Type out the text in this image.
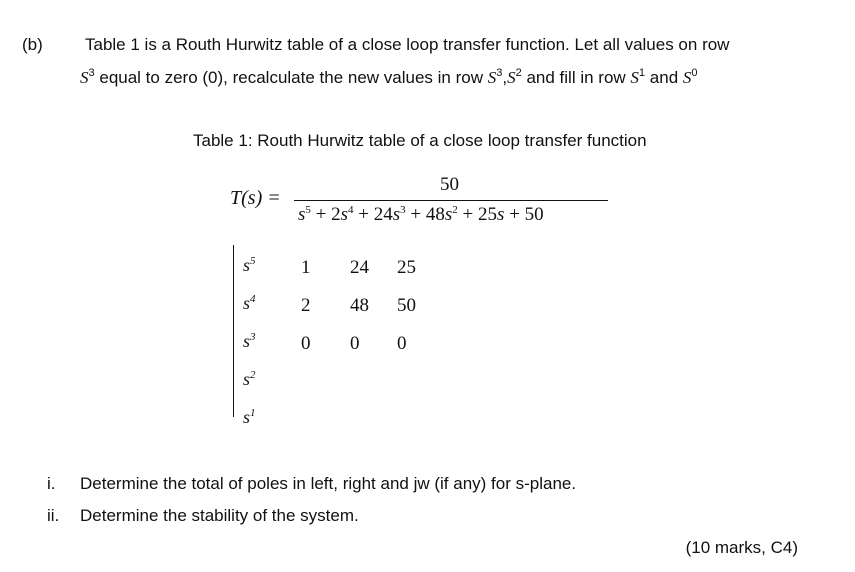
(b) Table 1 is a Routh Hurwitz table of a close loop transfer function. Let all values on row
$S^3$ equal to zero (0), recalculate the new values in row $S^3,S^2$ and fill in row $S^1$ and $S^0$
Table 1: Routh Hurwitz table of a close loop transfer function
T(s) =
50
$s^5 + 2s^4 + 24s^3 + 48s^2 + 25s + 50$
$s^5$ 1 24 25
$s^4$ 2 48 50
$s^3$ 0 0 0
$s^2$
$s^1$
i. Determine the total of poles in left, right and jw (if any) for s-plane.
ii. Determine the stability of the system.
(10 marks, C4)
